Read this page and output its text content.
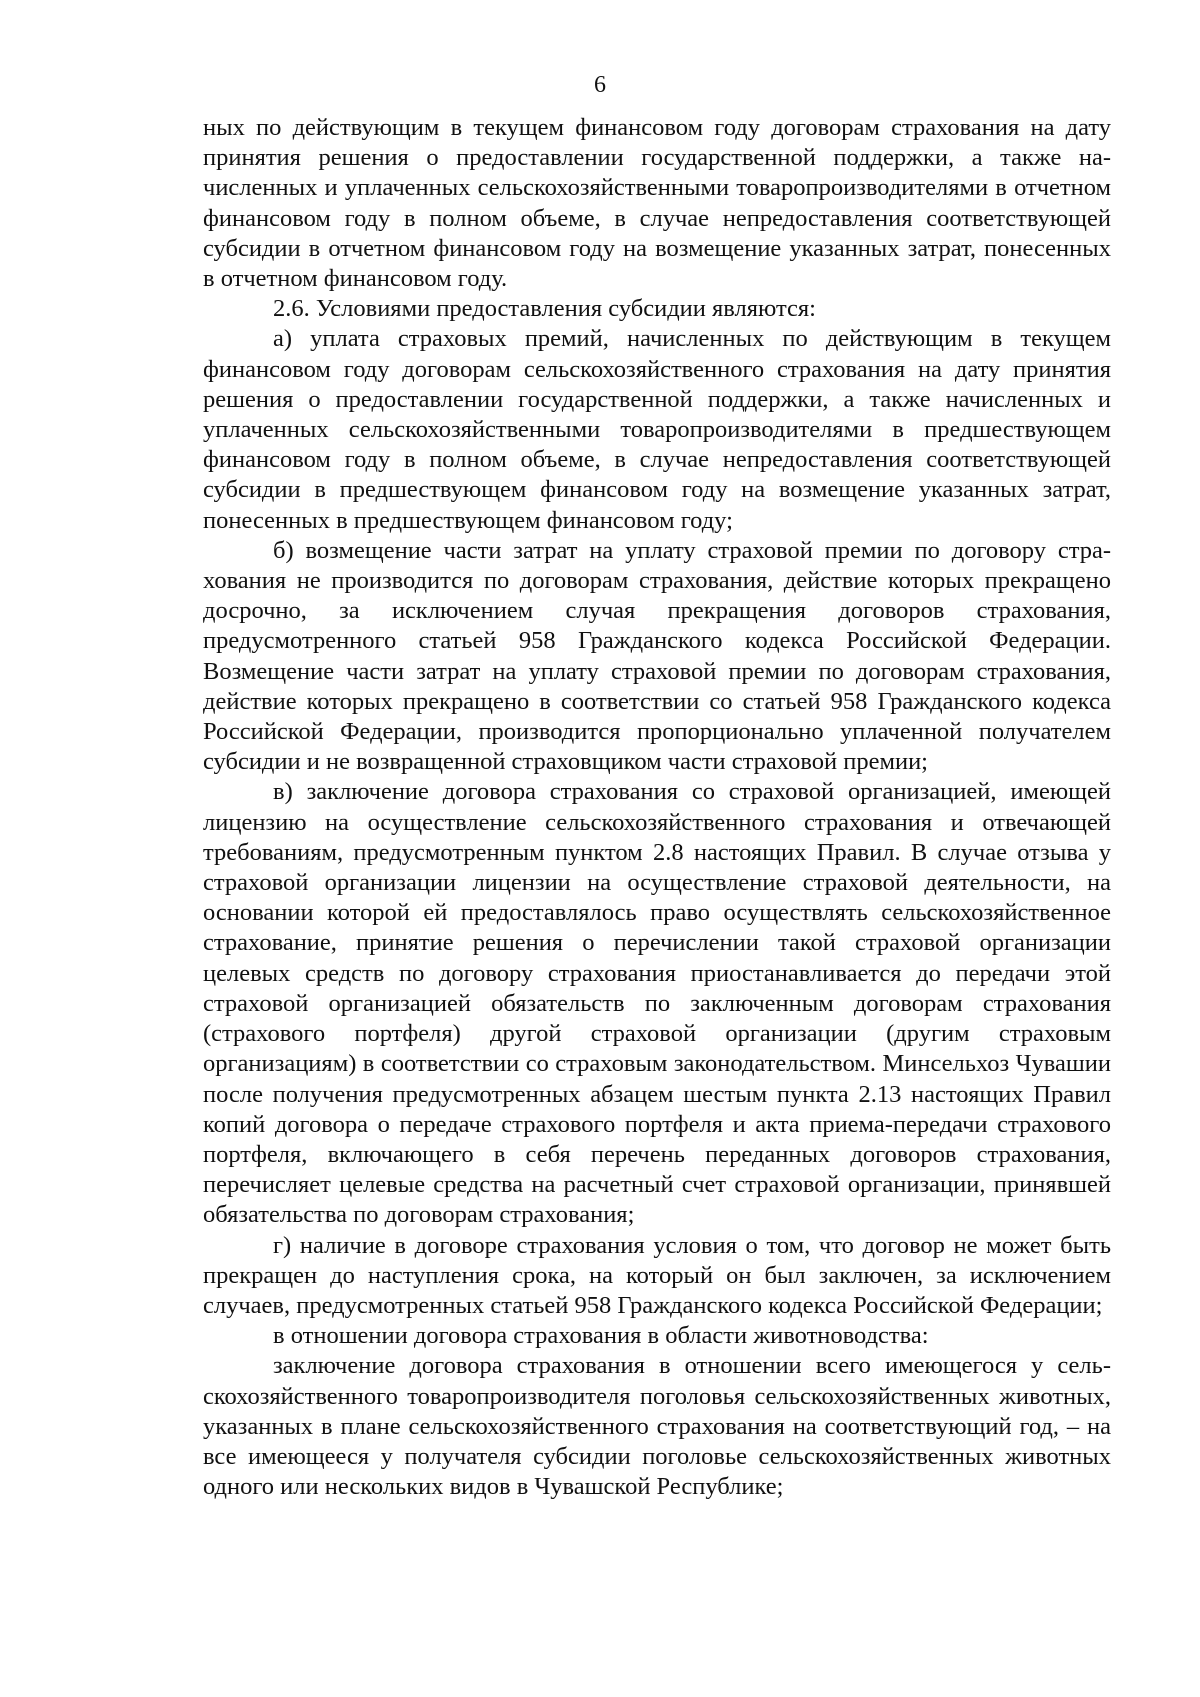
6

ных по действующим в текущем финансовом году договорам страхования на дату принятия решения о предоставлении государственной поддержки, а также начисленных и уплаченных сельскохозяйственными товаропроизводителями в отчетном финансовом году в полном объеме, в случае непредоставления соответствующей субсидии в отчетном финансовом году на возмещение указанных затрат, понесенных в отчетном финансовом году.

2.6. Условиями предоставления субсидии являются:

а) уплата страховых премий, начисленных по действующим в текущем финансовом году договорам сельскохозяйственного страхования на дату принятия решения о предоставлении государственной поддержки, а также начисленных и уплаченных сельскохозяйственными товаропроизводителями в предшествующем финансовом году в полном объеме, в случае непредоставления соответствующей субсидии в предшествующем финансовом году на возмещение указанных затрат, понесенных в предшествующем финансовом году;

б) возмещение части затрат на уплату страховой премии по договору страхования не производится по договорам страхования, действие которых прекращено досрочно, за исключением случая прекращения договоров страхования, предусмотренного статьей 958 Гражданского кодекса Российской Федерации. Возмещение части затрат на уплату страховой премии по договорам страхования, действие которых прекращено в соответствии со статьей 958 Гражданского кодекса Российской Федерации, производится пропорционально уплаченной получателем субсидии и не возвращенной страховщиком части страховой премии;

в) заключение договора страхования со страховой организацией, имеющей лицензию на осуществление сельскохозяйственного страхования и отвечающей требованиям, предусмотренным пунктом 2.8 настоящих Правил. В случае отзыва у страховой организации лицензии на осуществление страховой деятельности, на основании которой ей предоставлялось право осуществлять сельскохозяйственное страхование, принятие решения о перечислении такой страховой организации целевых средств по договору страхования приостанавливается до передачи этой страховой организацией обязательств по заключенным договорам страхования (страхового портфеля) другой страховой организации (другим страховым организациям) в соответствии со страховым законодательством. Минсельхоз Чувашии после получения предусмотренных абзацем шестым пункта 2.13 настоящих Правил копий договора о передаче страхового портфеля и акта приема-передачи страхового портфеля, включающего в себя перечень переданных договоров страхования, перечисляет целевые средства на расчетный счет страховой организации, принявшей обязательства по договорам страхования;

г) наличие в договоре страхования условия о том, что договор не может быть прекращен до наступления срока, на который он был заключен, за исключением случаев, предусмотренных статьей 958 Гражданского кодекса Российской Федерации;

в отношении договора страхования в области животноводства:

заключение договора страхования в отношении всего имеющегося у сельскохозяйственного товаропроизводителя поголовья сельскохозяйственных животных, указанных в плане сельскохозяйственного страхования на соответствующий год, – на все имеющееся у получателя субсидии поголовье сельскохозяйственных животных одного или нескольких видов в Чувашской Республике;
